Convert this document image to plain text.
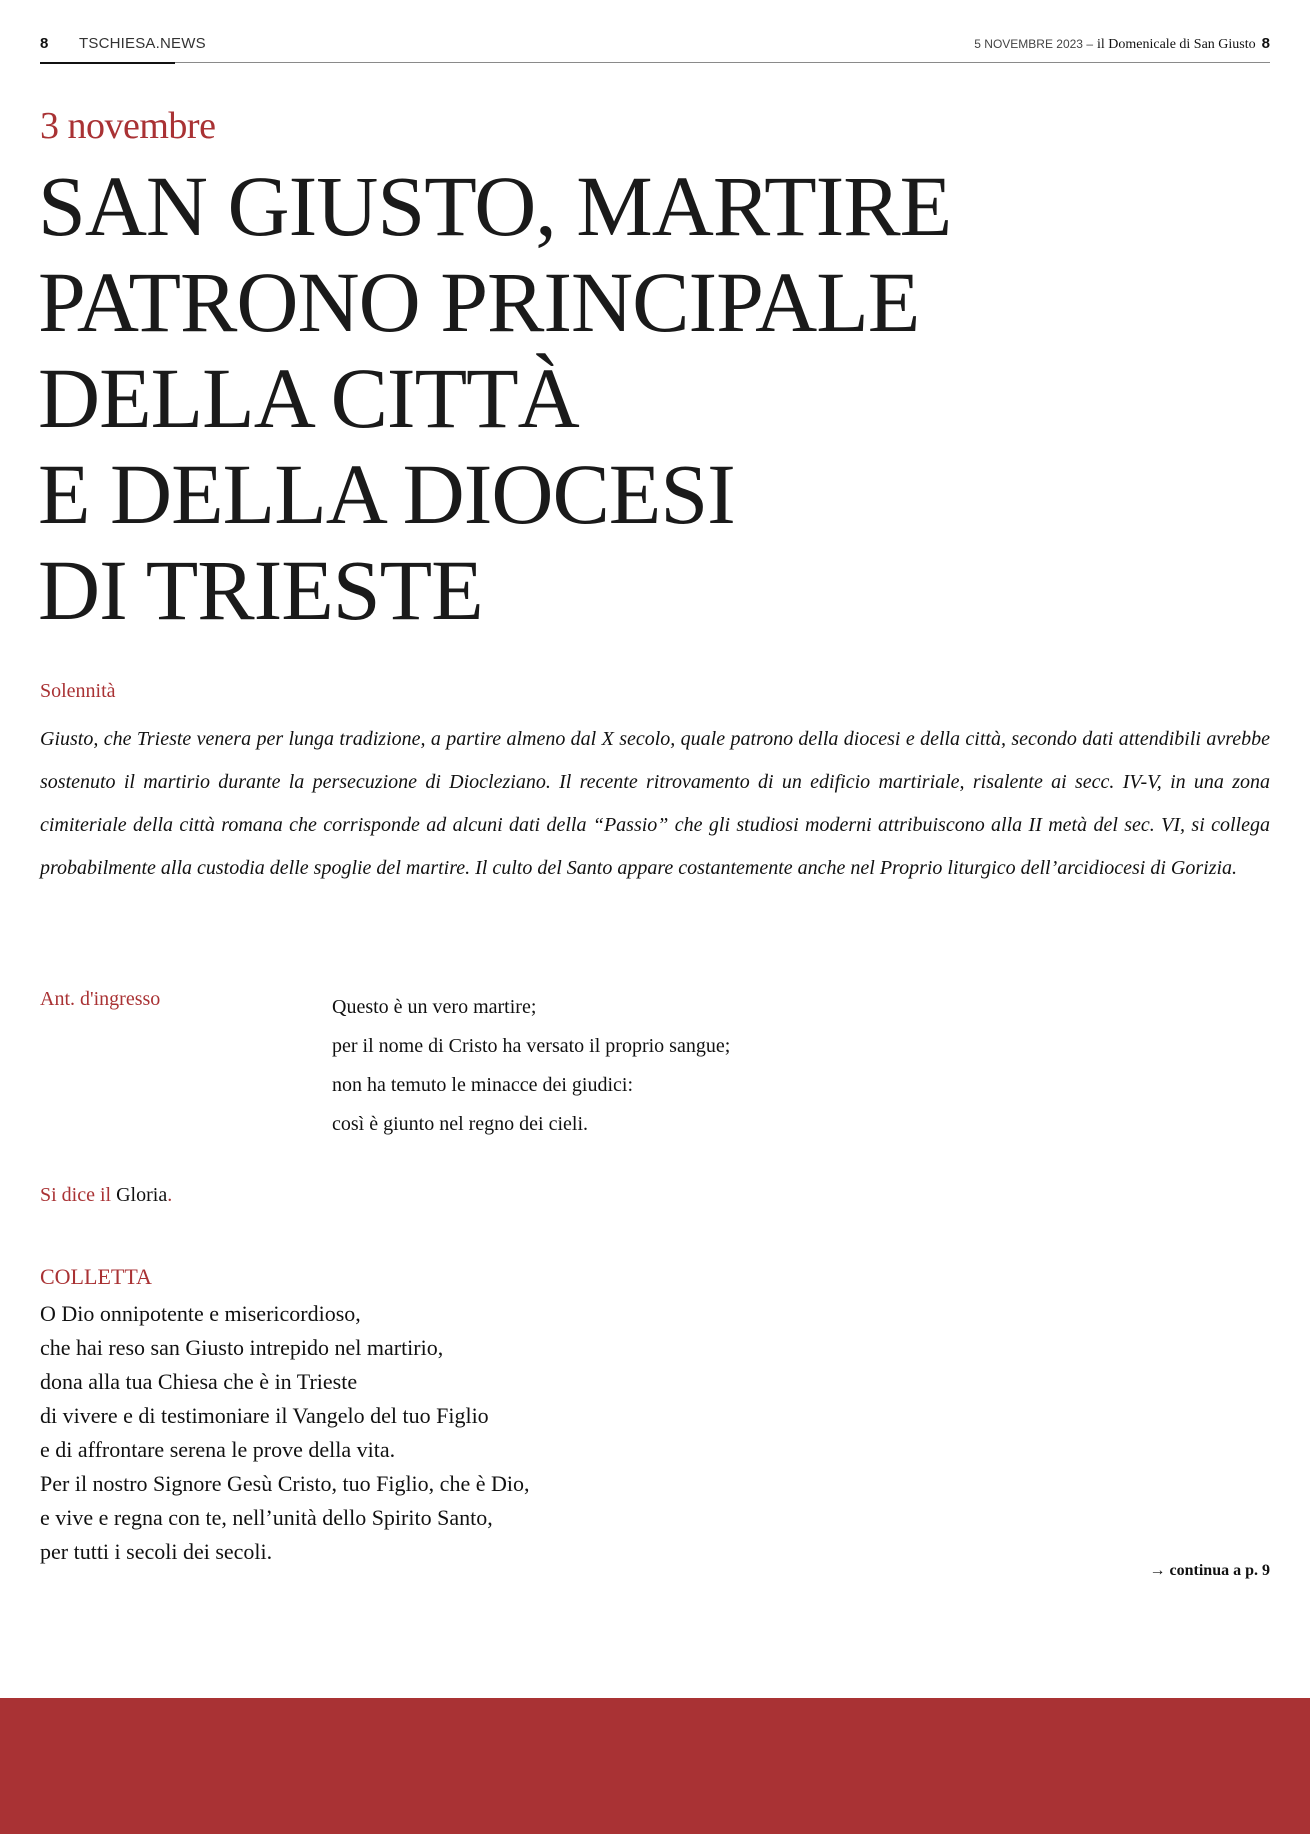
8 TSCHIESA.NEWS	5 NOVEMBRE 2023 – il Domenicale di San Giusto 8
3 novembre
SAN GIUSTO, MARTIRE
PATRONO PRINCIPALE
DELLA CITTÀ
E DELLA DIOCESI
DI TRIESTE
Solennità

Giusto, che Trieste venera per lunga tradizione, a partire almeno dal X secolo, quale patrono della diocesi e della città, secondo dati attendibili avrebbe sostenuto il martirio durante la persecuzione di Diocleziano. Il recente ritrovamento di un edificio martiriale, risalente ai secc. IV-V, in una zona cimiteriale della città romana che corrisponde ad alcuni dati della “Passio” che gli studiosi moderni attribuiscono alla II metà del sec. VI, si collega probabilmente alla custodia delle spoglie del martire. Il culto del Santo appare costantemente anche nel Proprio liturgico dell’arcidiocesi di Gorizia.

Ant. d'ingresso	Questo è un vero martire;
per il nome di Cristo ha versato il proprio sangue;
non ha temuto le minacce dei giudici:
così è giunto nel regno dei cieli.
Si dice il Gloria.
COLLETTA
O Dio onnipotente e misericordioso,
che hai reso san Giusto intrepido nel martirio,
dona alla tua Chiesa che è in Trieste
di vivere e di testimoniare il Vangelo del tuo Figlio
e di affrontare serena le prove della vita.
Per il nostro Signore Gesù Cristo, tuo Figlio, che è Dio,
e vive e regna con te, nell’unità dello Spirito Santo,
per tutti i secoli dei secoli.
→ continua a p. 9
